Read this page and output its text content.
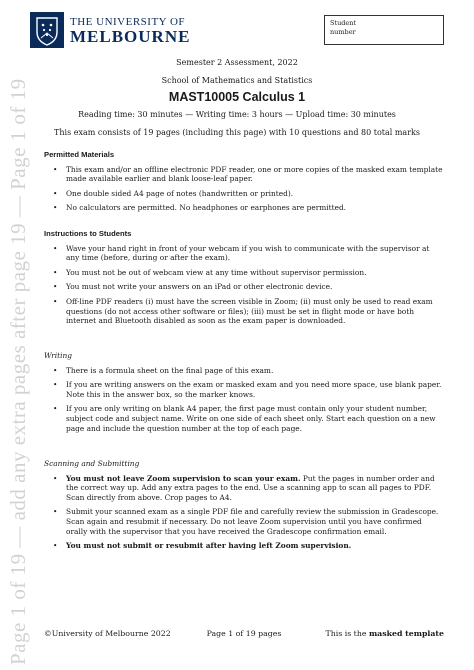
THE UNIVERSITY OF
MELBOURNE
Student
number
Page 1 of 19 — add any extra pages after page 19 — Page 1 of 19
Semester 2 Assessment, 2022
School of Mathematics and Statistics
MAST10005 Calculus 1
Reading time: 30 minutes — Writing time: 3 hours — Upload time: 30 minutes
This exam consists of 19 pages (including this page) with 10 questions and 80 total marks
Permitted Materials
• This exam and/or an offline electronic PDF reader, one or more copies of the masked exam template made available earlier and blank loose-leaf paper.
• One double sided A4 page of notes (handwritten or printed).
• No calculators are permitted. No headphones or earphones are permitted.
Instructions to Students
• Wave your hand right in front of your webcam if you wish to communicate with the supervisor at any time (before, during or after the exam).
• You must not be out of webcam view at any time without supervisor permission.
• You must not write your answers on an iPad or other electronic device.
• Off-line PDF readers (i) must have the screen visible in Zoom; (ii) must only be used to read exam questions (do not access other software or files); (iii) must be set in flight mode or have both internet and Bluetooth disabled as soon as the exam paper is downloaded.
Writing
• There is a formula sheet on the final page of this exam.
• If you are writing answers on the exam or masked exam and you need more space, use blank paper. Note this in the answer box, so the marker knows.
• If you are only writing on blank A4 paper, the first page must contain only your student number, subject code and subject name. Write on one side of each sheet only. Start each question on a new page and include the question number at the top of each page.
Scanning and Submitting
• You must not leave Zoom supervision to scan your exam. Put the pages in number order and the correct way up. Add any extra pages to the end. Use a scanning app to scan all pages to PDF. Scan directly from above. Crop pages to A4.
• Submit your scanned exam as a single PDF file and carefully review the submission in Gradescope. Scan again and resubmit if necessary. Do not leave Zoom supervision until you have confirmed orally with the supervisor that you have received the Gradescope confirmation email.
• You must not submit or resubmit after having left Zoom supervision.
©University of Melbourne 2022	Page 1 of 19 pages	This is the masked template
